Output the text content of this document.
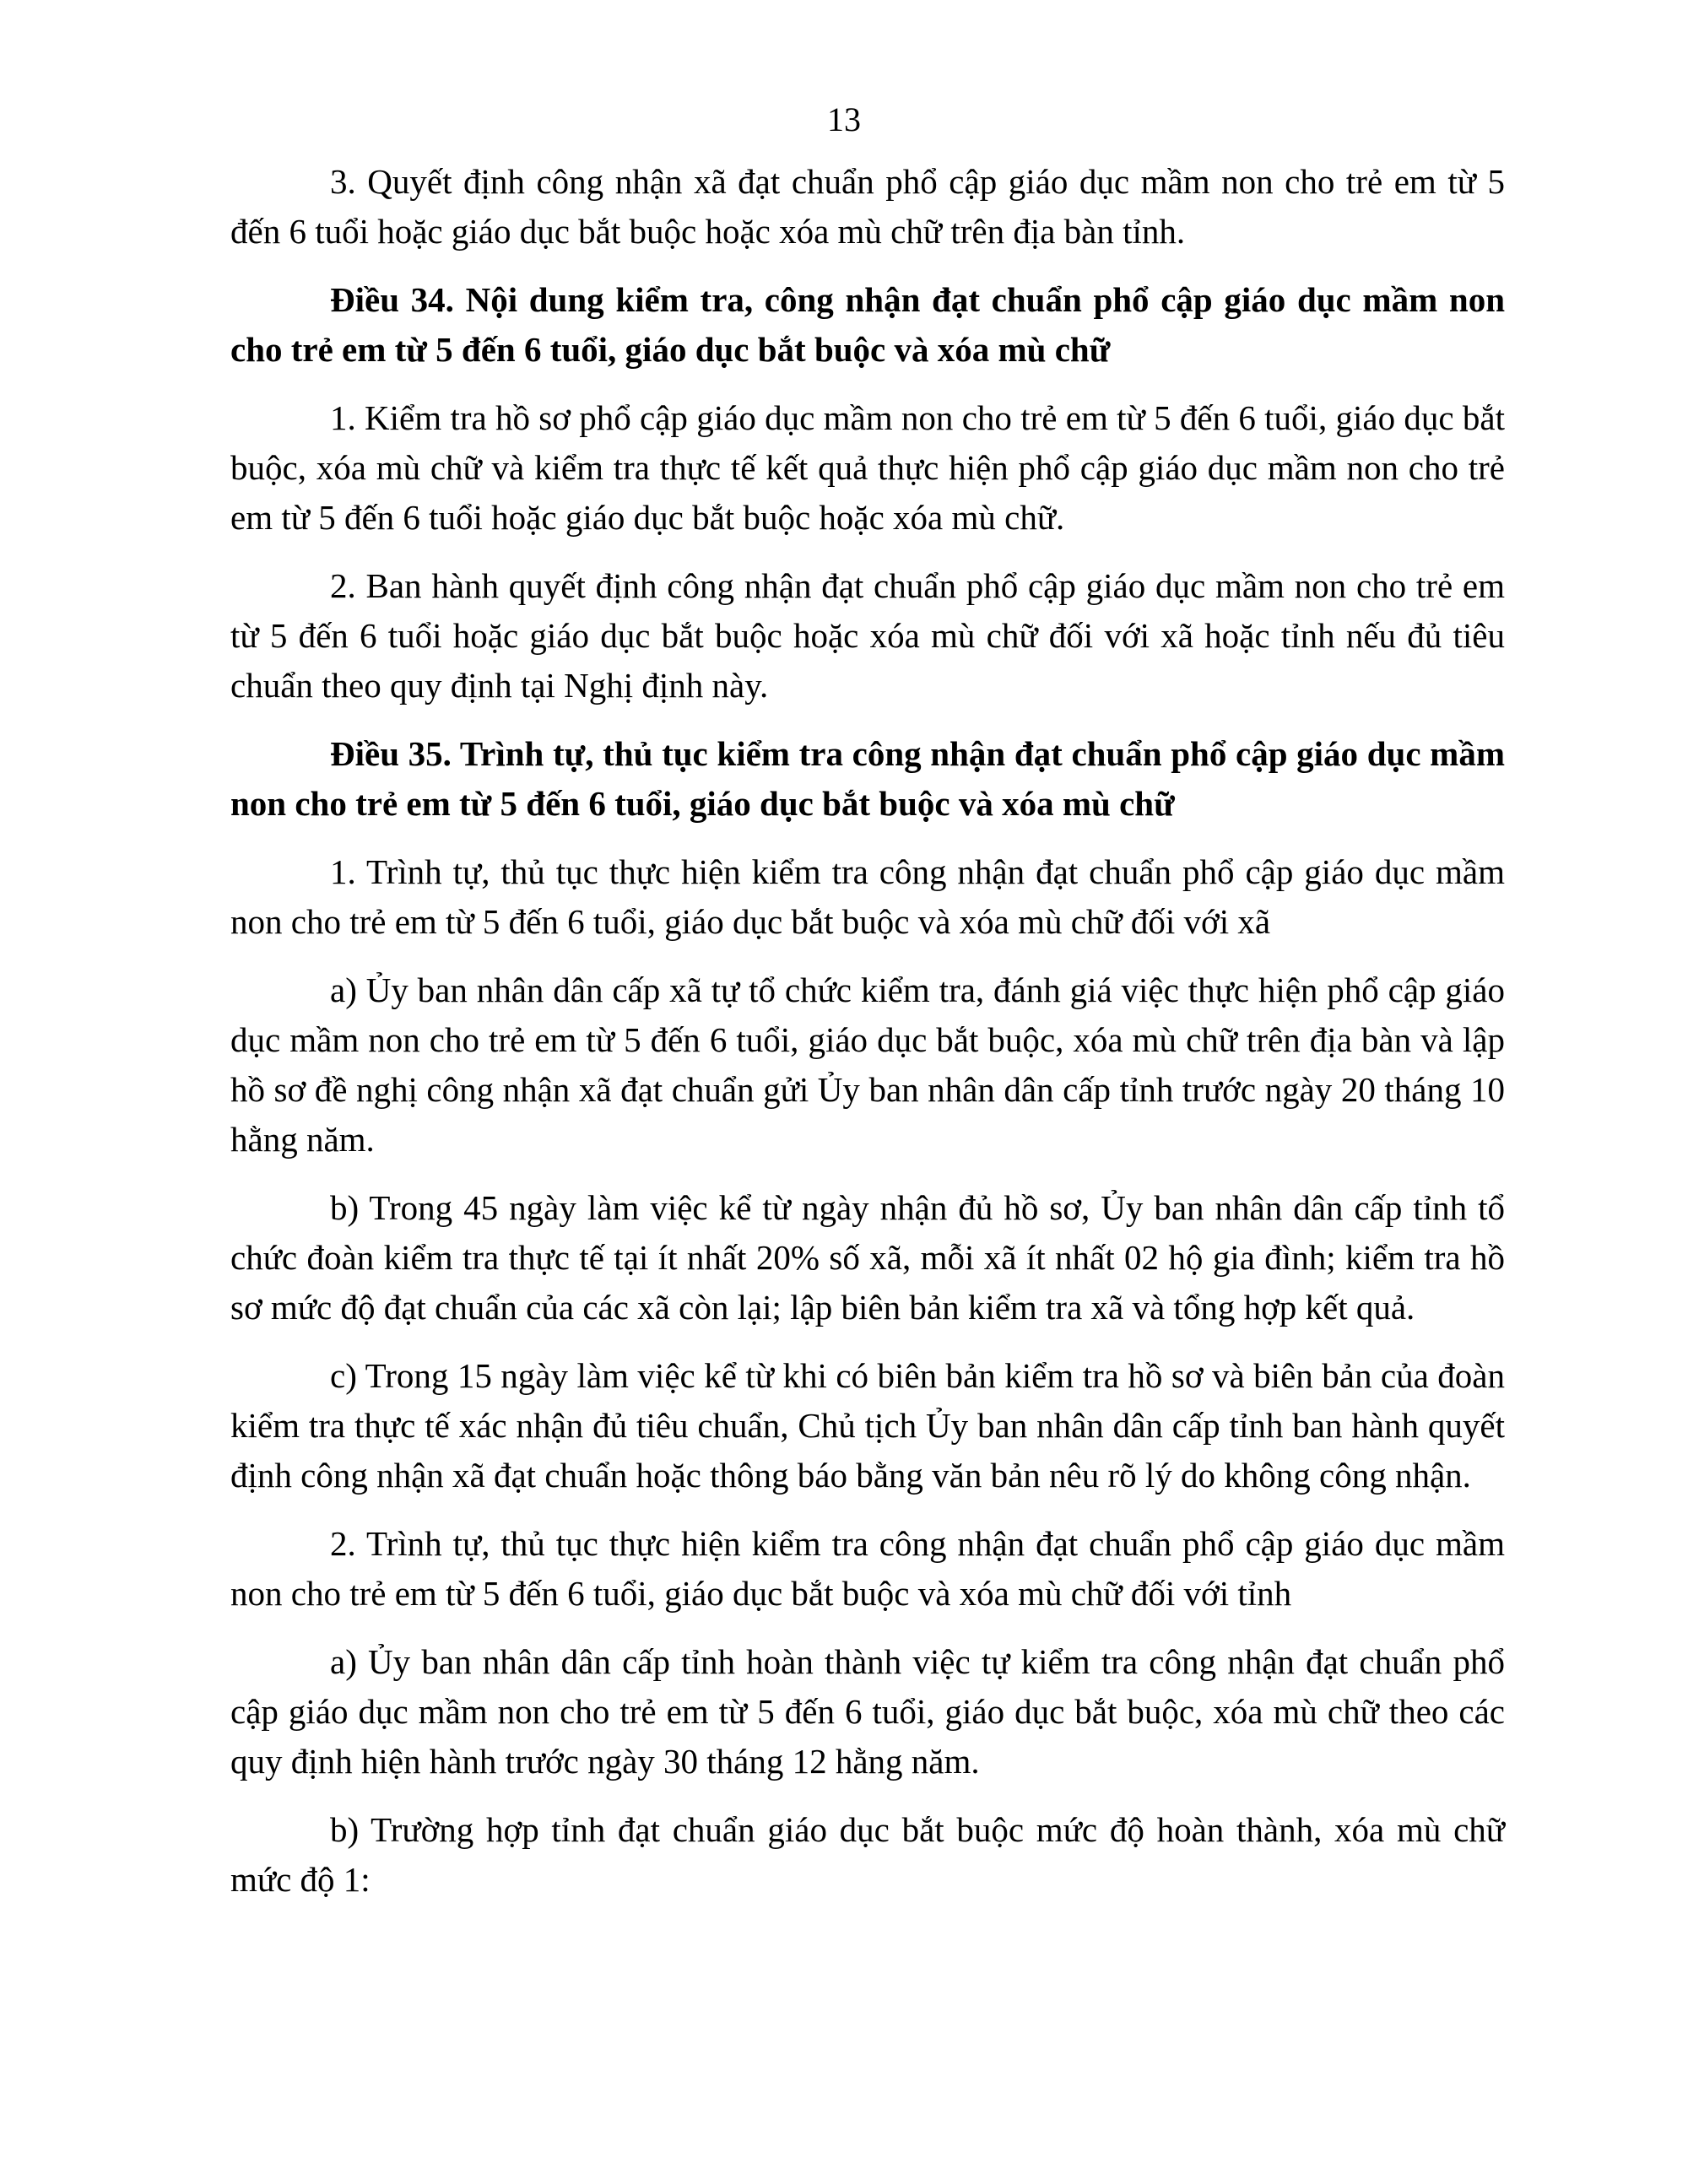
13

3. Quyết định công nhận xã đạt chuẩn phổ cập giáo dục mầm non cho trẻ em từ 5 đến 6 tuổi hoặc giáo dục bắt buộc hoặc xóa mù chữ trên địa bàn tỉnh.

Điều 34. Nội dung kiểm tra, công nhận đạt chuẩn phổ cập giáo dục mầm non cho trẻ em từ 5 đến 6 tuổi, giáo dục bắt buộc và xóa mù chữ

1. Kiểm tra hồ sơ phổ cập giáo dục mầm non cho trẻ em từ 5 đến 6 tuổi, giáo dục bắt buộc, xóa mù chữ và kiểm tra thực tế kết quả thực hiện phổ cập giáo dục mầm non cho trẻ em từ 5 đến 6 tuổi hoặc giáo dục bắt buộc hoặc xóa mù chữ.

2. Ban hành quyết định công nhận đạt chuẩn phổ cập giáo dục mầm non cho trẻ em từ 5 đến 6 tuổi hoặc giáo dục bắt buộc hoặc xóa mù chữ đối với xã hoặc tỉnh nếu đủ tiêu chuẩn theo quy định tại Nghị định này.

Điều 35. Trình tự, thủ tục kiểm tra công nhận đạt chuẩn phổ cập giáo dục mầm non cho trẻ em từ 5 đến 6 tuổi, giáo dục bắt buộc và xóa mù chữ

1. Trình tự, thủ tục thực hiện kiểm tra công nhận đạt chuẩn phổ cập giáo dục mầm non cho trẻ em từ 5 đến 6 tuổi, giáo dục bắt buộc và xóa mù chữ đối với xã

a) Ủy ban nhân dân cấp xã tự tổ chức kiểm tra, đánh giá việc thực hiện phổ cập giáo dục mầm non cho trẻ em từ 5 đến 6 tuổi, giáo dục bắt buộc, xóa mù chữ trên địa bàn và lập hồ sơ đề nghị công nhận xã đạt chuẩn gửi Ủy ban nhân dân cấp tỉnh trước ngày 20 tháng 10 hằng năm.

b) Trong 45 ngày làm việc kể từ ngày nhận đủ hồ sơ, Ủy ban nhân dân cấp tỉnh tổ chức đoàn kiểm tra thực tế tại ít nhất 20% số xã, mỗi xã ít nhất 02 hộ gia đình; kiểm tra hồ sơ mức độ đạt chuẩn của các xã còn lại; lập biên bản kiểm tra xã và tổng hợp kết quả.

c) Trong 15 ngày làm việc kể từ khi có biên bản kiểm tra hồ sơ và biên bản của đoàn kiểm tra thực tế xác nhận đủ tiêu chuẩn, Chủ tịch Ủy ban nhân dân cấp tỉnh ban hành quyết định công nhận xã đạt chuẩn hoặc thông báo bằng văn bản nêu rõ lý do không công nhận.

2. Trình tự, thủ tục thực hiện kiểm tra công nhận đạt chuẩn phổ cập giáo dục mầm non cho trẻ em từ 5 đến 6 tuổi, giáo dục bắt buộc và xóa mù chữ đối với tỉnh

a) Ủy ban nhân dân cấp tỉnh hoàn thành việc tự kiểm tra công nhận đạt chuẩn phổ cập giáo dục mầm non cho trẻ em từ 5 đến 6 tuổi, giáo dục bắt buộc, xóa mù chữ theo các quy định hiện hành trước ngày 30 tháng 12 hằng năm.

b) Trường hợp tỉnh đạt chuẩn giáo dục bắt buộc mức độ hoàn thành, xóa mù chữ mức độ 1:
